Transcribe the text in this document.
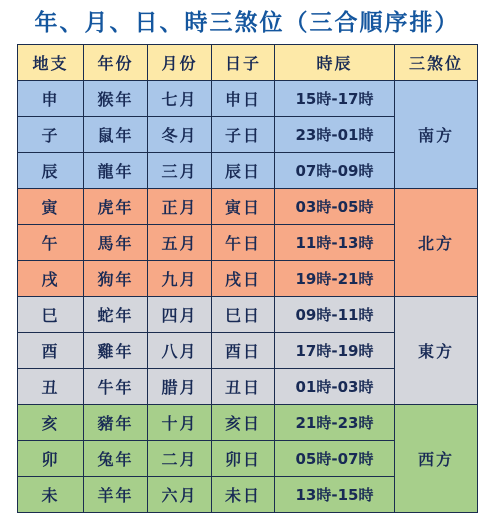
年、月、日、時三煞位（三合順序排）
地支	年份	月份	日子	時辰	三煞位
申	猴年	七月	申日	15時-17時	南方
子	鼠年	冬月	子日	23時-01時	
辰	龍年	三月	辰日	07時-09時	
寅	虎年	正月	寅日	03時-05時	北方
午	馬年	五月	午日	11時-13時	
戌	狗年	九月	戌日	19時-21時	
巳	蛇年	四月	巳日	09時-11時	東方
酉	雞年	八月	酉日	17時-19時	
丑	牛年	腊月	丑日	01時-03時	
亥	豬年	十月	亥日	21時-23時	西方
卯	兔年	二月	卯日	05時-07時	
未	羊年	六月	未日	13時-15時	
